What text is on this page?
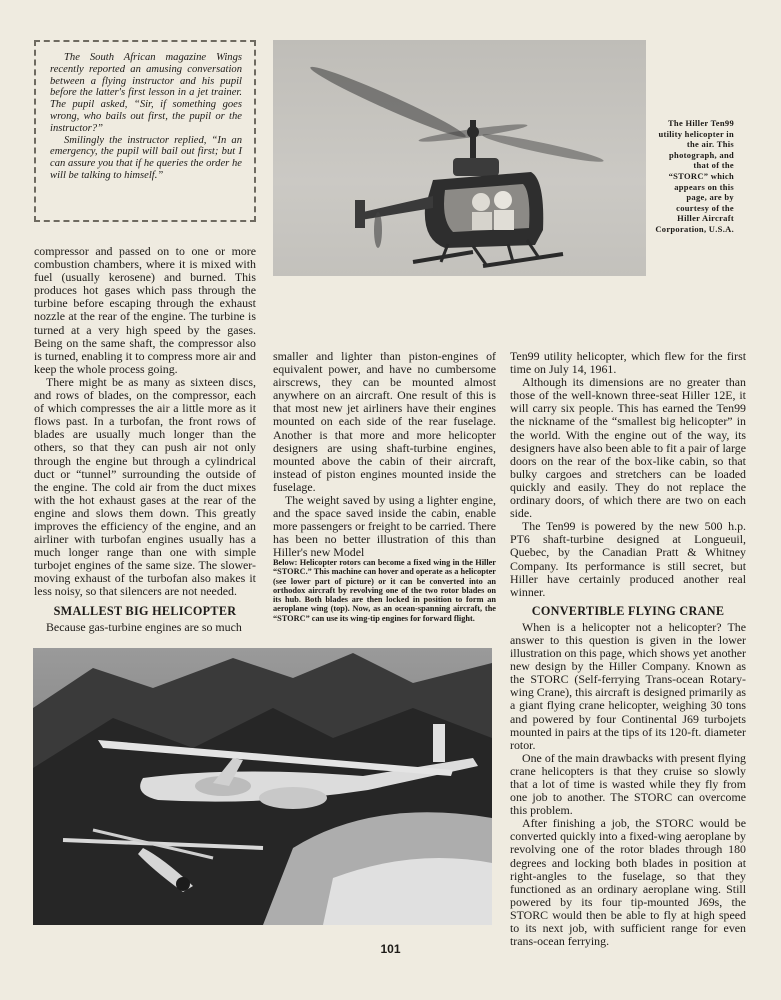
The South African magazine Wings recently reported an amusing conversation between a flying instructor and his pupil before the latter's first lesson in a jet trainer. The pupil asked, “Sir, if something goes wrong, who bails out first, the pupil or the instructor?”

Smilingly the instructor replied, “In an emergency, the pupil will bail out first; but I can assure you that if he queries the order he will be talking to himself.”

The Hiller Ten99 utility helicopter in the air. This photograph, and that of the “STORC” which appears on this page, are by courtesy of the Hiller Aircraft Corporation, U.S.A.

compressor and passed on to one or more combustion chambers, where it is mixed with fuel (usually kerosene) and burned. This produces hot gases which pass through the turbine before escaping through the exhaust nozzle at the rear of the engine. The turbine is turned at a very high speed by the gases. Being on the same shaft, the compressor also is turned, enabling it to compress more air and keep the whole process going.

There might be as many as sixteen discs, and rows of blades, on the compressor, each of which compresses the air a little more as it flows past. In a turbofan, the front rows of blades are usually much longer than the others, so that they can push air not only through the engine but through a cylindrical duct or “tunnel” surrounding the outside of the engine. The cold air from the duct mixes with the hot exhaust gases at the rear of the engine and slows them down. This greatly improves the efficiency of the engine, and an airliner with turbofan engines usually has a much longer range than one with simple turbojet engines of the same size. The slower-moving exhaust of the turbofan also makes it less noisy, so that silencers are not needed.

SMALLEST BIG HELICOPTER

Because gas-turbine engines are so much

smaller and lighter than piston-engines of equivalent power, and have no cumbersome airscrews, they can be mounted almost anywhere on an aircraft. One result of this is that most new jet airliners have their engines mounted on each side of the rear fuselage. Another is that more and more helicopter designers are using shaft-turbine engines, mounted above the cabin of their aircraft, instead of piston engines mounted inside the fuselage.

The weight saved by using a lighter engine, and the space saved inside the cabin, enable more passengers or freight to be carried. There has been no better illustration of this than Hiller's new Model

Below: Helicopter rotors can become a fixed wing in the Hiller “STORC.” This machine can hover and operate as a helicopter (see lower part of picture) or it can be converted into an orthodox aircraft by revolving one of the two rotor blades on its hub. Both blades are then locked in position to form an aeroplane wing (top). Now, as an ocean-spanning aircraft, the “STORC” can use its wing-tip engines for forward flight.

Ten99 utility helicopter, which flew for the first time on July 14, 1961.

Although its dimensions are no greater than those of the well-known three-seat Hiller 12E, it will carry six people. This has earned the Ten99 the nickname of the “smallest big helicopter” in the world. With the engine out of the way, its designers have also been able to fit a pair of large doors on the rear of the box-like cabin, so that bulky cargoes and stretchers can be loaded quickly and easily. They do not replace the ordinary doors, of which there are two on each side.

The Ten99 is powered by the new 500 h.p. PT6 shaft-turbine designed at Longueuil, Quebec, by the Canadian Pratt & Whitney Company. Its performance is still secret, but Hiller have certainly produced another real winner.

CONVERTIBLE FLYING CRANE

When is a helicopter not a helicopter? The answer to this question is given in the lower illustration on this page, which shows yet another new design by the Hiller Company. Known as the STORC (Self-ferrying Trans-ocean Rotary-wing Crane), this aircraft is designed primarily as a giant flying crane helicopter, weighing 30 tons and powered by four Continental J69 turbojets mounted in pairs at the tips of its 120-ft. diameter rotor.

One of the main drawbacks with present flying crane helicopters is that they cruise so slowly that a lot of time is wasted while they fly from one job to another. The STORC can overcome this problem.

After finishing a job, the STORC would be converted quickly into a fixed-wing aeroplane by revolving one of the rotor blades through 180 degrees and locking both blades in position at right-angles to the fuselage, so that they functioned as an ordinary aeroplane wing. Still powered by its four tip-mounted J69s, the STORC would then be able to fly at high speed to its next job, with sufficient range for even trans-ocean ferrying.

101
